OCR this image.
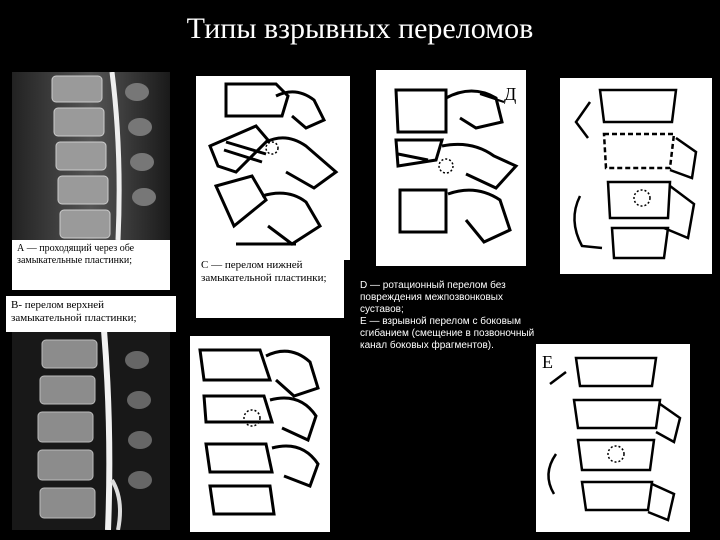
Типы взрывных переломов
А — проходящий через обе замыкательные пластинки;
В- перелом верхней замыкательной пластинки;
С — перелом нижней замыкательной пластинки;
Д
D — ротационный перелом без повреждения межпозвонковых суставов;
Е — взрывной перелом с боковым сгибанием (смещение в позвоночный канал боковых фрагментов).
Е
